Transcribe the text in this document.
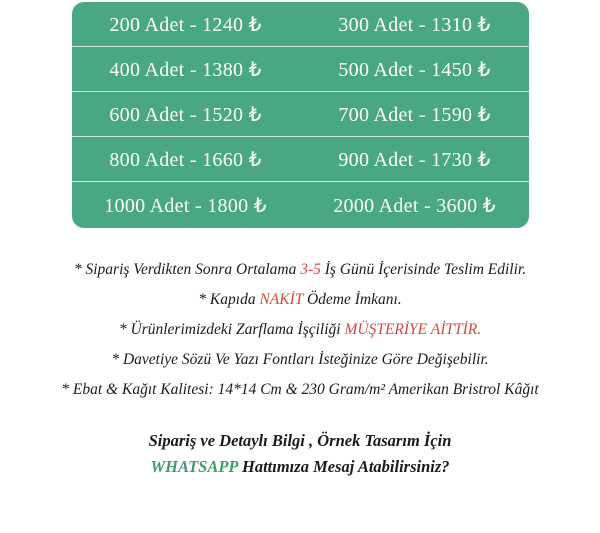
200 Adet - 1240 ₺	300 Adet - 1310 ₺
400 Adet - 1380 ₺	500 Adet - 1450 ₺
600 Adet - 1520 ₺	700 Adet - 1590 ₺
800 Adet - 1660 ₺	900 Adet - 1730 ₺
1000 Adet - 1800 ₺	2000 Adet - 3600 ₺

* Sipariş Verdikten Sonra Ortalama 3-5 İş Günü İçerisinde Teslim Edilir.

* Kapıda NAKİT Ödeme İmkanı.

* Ürünlerimizdeki Zarflama İşçiliği MÜŞTERİYE AİTTİR.

* Davetiye Sözü Ve Yazı Fontları İsteğinize Göre Değişebilir.

* Ebat & Kağıt Kalitesi: 14*14 Cm & 230 Gram/m² Amerikan Bristrol Kâğıt

Sipariş ve Detaylı Bilgi , Örnek Tasarım İçin

WHATSAPP Hattımıza Mesaj Atabilirsiniz?
